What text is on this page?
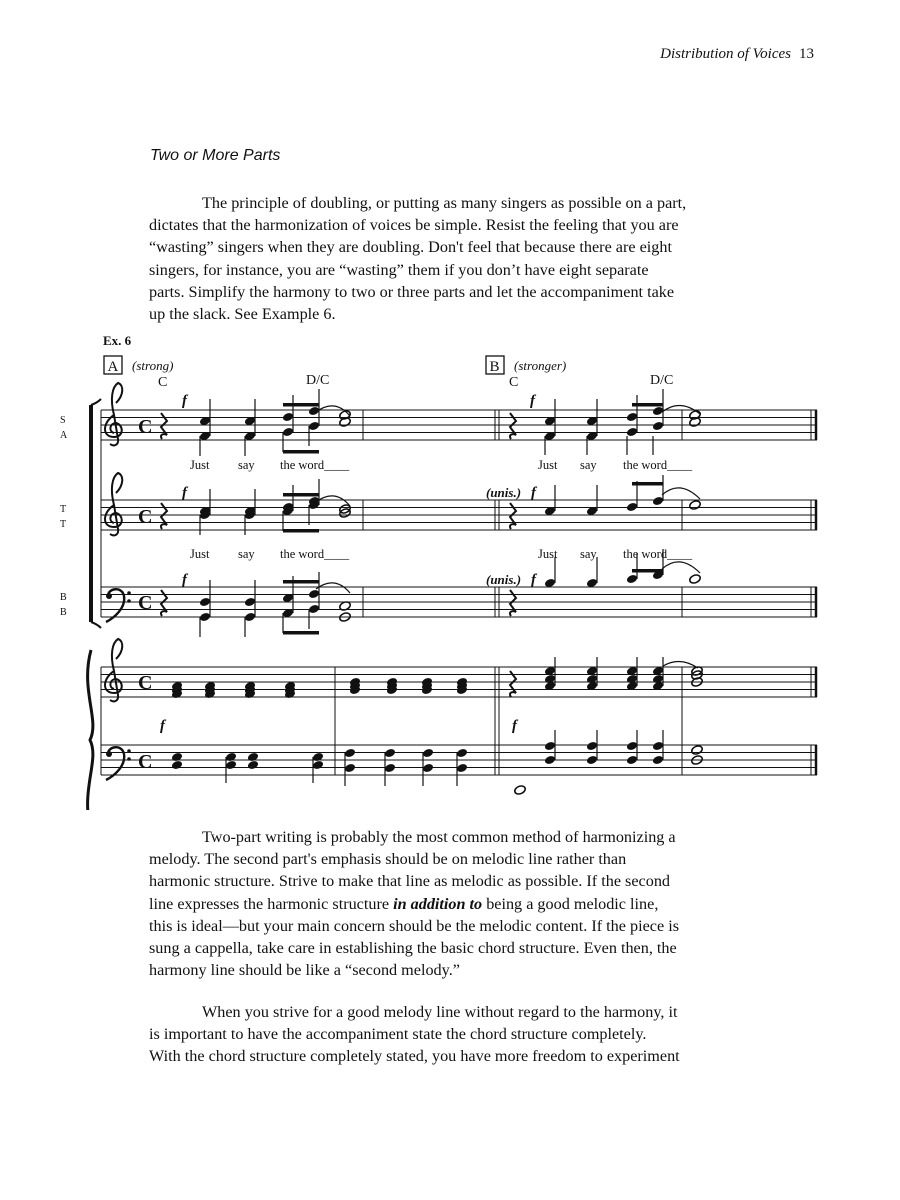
Distribution of Voices 13
Two or More Parts

The principle of doubling, or putting as many singers as possible on a part,
dictates that the harmonization of voices be simple. Resist the feeling that you are
“wasting” singers when they are doubling. Don't feel that because there are eight
singers, for instance, you are “wasting” them if you don’t have eight separate
parts. Simplify the harmony to two or three parts and let the accompaniment take
up the slack. See Example 6.

Ex. 6
A (strong)
C	D/C
B (stronger)
C	D/C
S
A
T
T
B
B
C
C
C
C
C
f
f
f
f
(unis.) f
(unis.) f
f	f
Just say the word____	Just say the word____
Just say the word____	Just say the word____

Two-part writing is probably the most common method of harmonizing a
melody. The second part's emphasis should be on melodic line rather than
harmonic structure. Strive to make that line as melodic as possible. If the second
line expresses the harmonic structure in addition to being a good melodic line,
this is ideal—but your main concern should be the melodic content. If the piece is
sung a cappella, take care in establishing the basic chord structure. Even then, the
harmony line should be like a “second melody.”

When you strive for a good melody line without regard to the harmony, it
is important to have the accompaniment state the chord structure completely.
With the chord structure completely stated, you have more freedom to experiment
